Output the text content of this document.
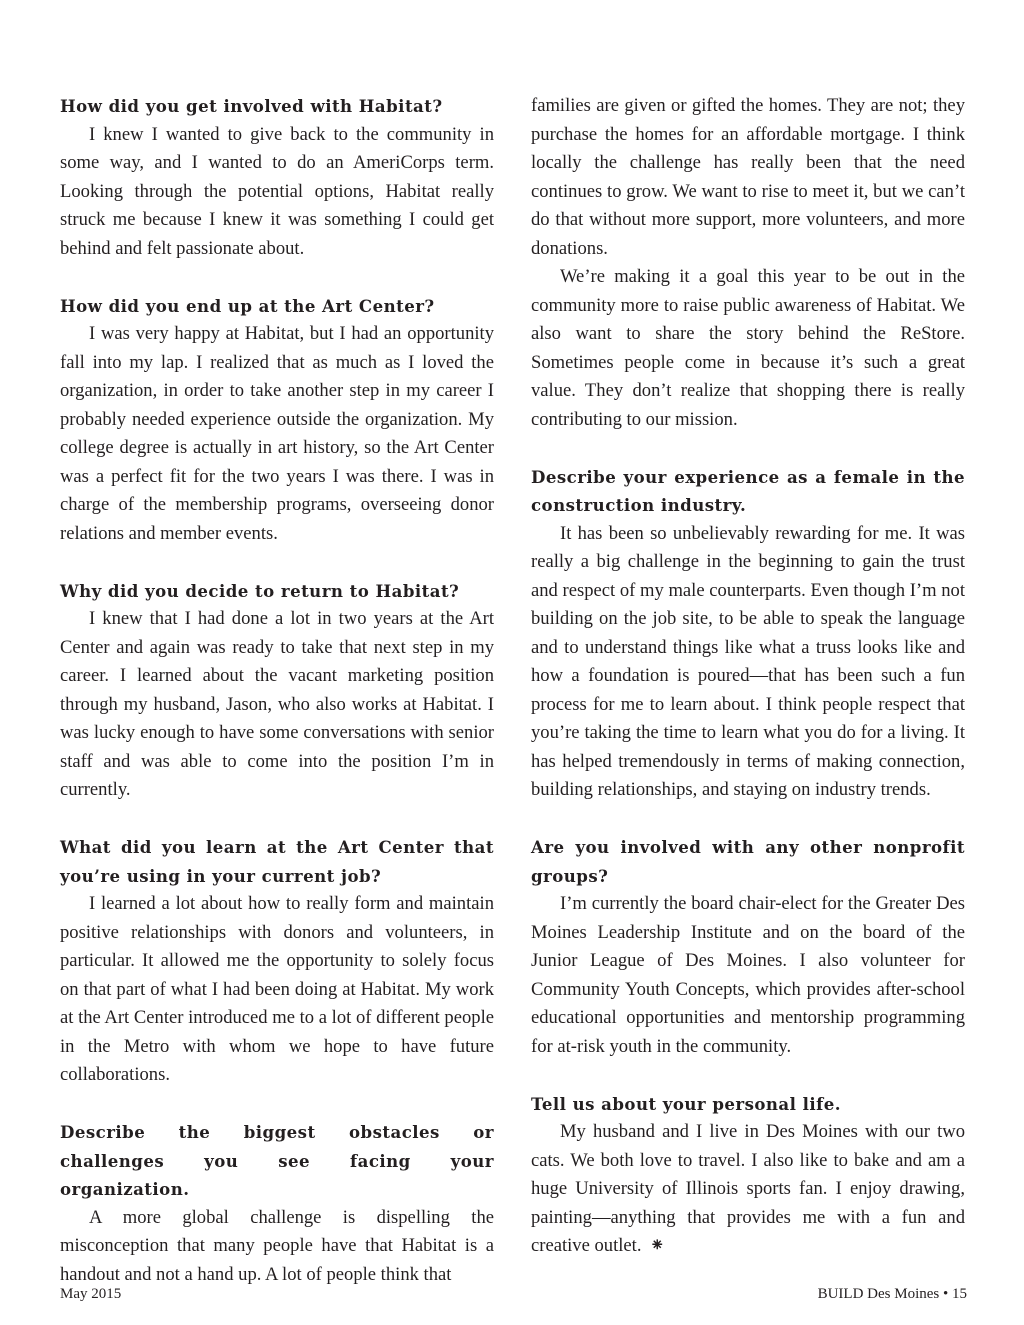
How did you get involved with Habitat?

I knew I wanted to give back to the community in some way, and I wanted to do an AmeriCorps term. Looking through the potential options, Habitat really struck me because I knew it was something I could get behind and felt passionate about.

How did you end up at the Art Center?

I was very happy at Habitat, but I had an opportunity fall into my lap. I realized that as much as I loved the organization, in order to take another step in my career I probably needed experience outside the organization. My college degree is actually in art history, so the Art Center was a perfect fit for the two years I was there. I was in charge of the membership programs, overseeing donor relations and member events.

Why did you decide to return to Habitat?

I knew that I had done a lot in two years at the Art Center and again was ready to take that next step in my career. I learned about the vacant marketing position through my husband, Jason, who also works at Habitat. I was lucky enough to have some conversations with senior staff and was able to come into the position I’m in currently.

What did you learn at the Art Center that you’re using in your current job?

I learned a lot about how to really form and maintain positive relationships with donors and volunteers, in particular. It allowed me the opportunity to solely focus on that part of what I had been doing at Habitat. My work at the Art Center introduced me to a lot of different people in the Metro with whom we hope to have future collaborations.

Describe the biggest obstacles or challenges you see facing your organization.

A more global challenge is dispelling the misconception that many people have that Habitat is a handout and not a hand up. A lot of people think that

families are given or gifted the homes. They are not; they purchase the homes for an affordable mortgage. I think locally the challenge has really been that the need continues to grow. We want to rise to meet it, but we can’t do that without more support, more volunteers, and more donations.

We’re making it a goal this year to be out in the community more to raise public awareness of Habitat. We also want to share the story behind the ReStore. Sometimes people come in because it’s such a great value. They don’t realize that shopping there is really contributing to our mission.

Describe your experience as a female in the construction industry.

It has been so unbelievably rewarding for me. It was really a big challenge in the beginning to gain the trust and respect of my male counterparts. Even though I’m not building on the job site, to be able to speak the language and to understand things like what a truss looks like and how a foundation is poured—that has been such a fun process for me to learn about. I think people respect that you’re taking the time to learn what you do for a living. It has helped tremendously in terms of making connection, building relationships, and staying on industry trends.

Are you involved with any other nonprofit groups?

I’m currently the board chair-elect for the Greater Des Moines Leadership Institute and on the board of the Junior League of Des Moines. I also volunteer for Community Youth Concepts, which provides after-school educational opportunities and mentorship programming for at-risk youth in the community.

Tell us about your personal life.

My husband and I live in Des Moines with our two cats. We both love to travel. I also like to bake and am a huge University of Illinois sports fan. I enjoy drawing, painting—anything that provides me with a fun and creative outlet. ⁕

May 2015	BUILD Des Moines • 15
